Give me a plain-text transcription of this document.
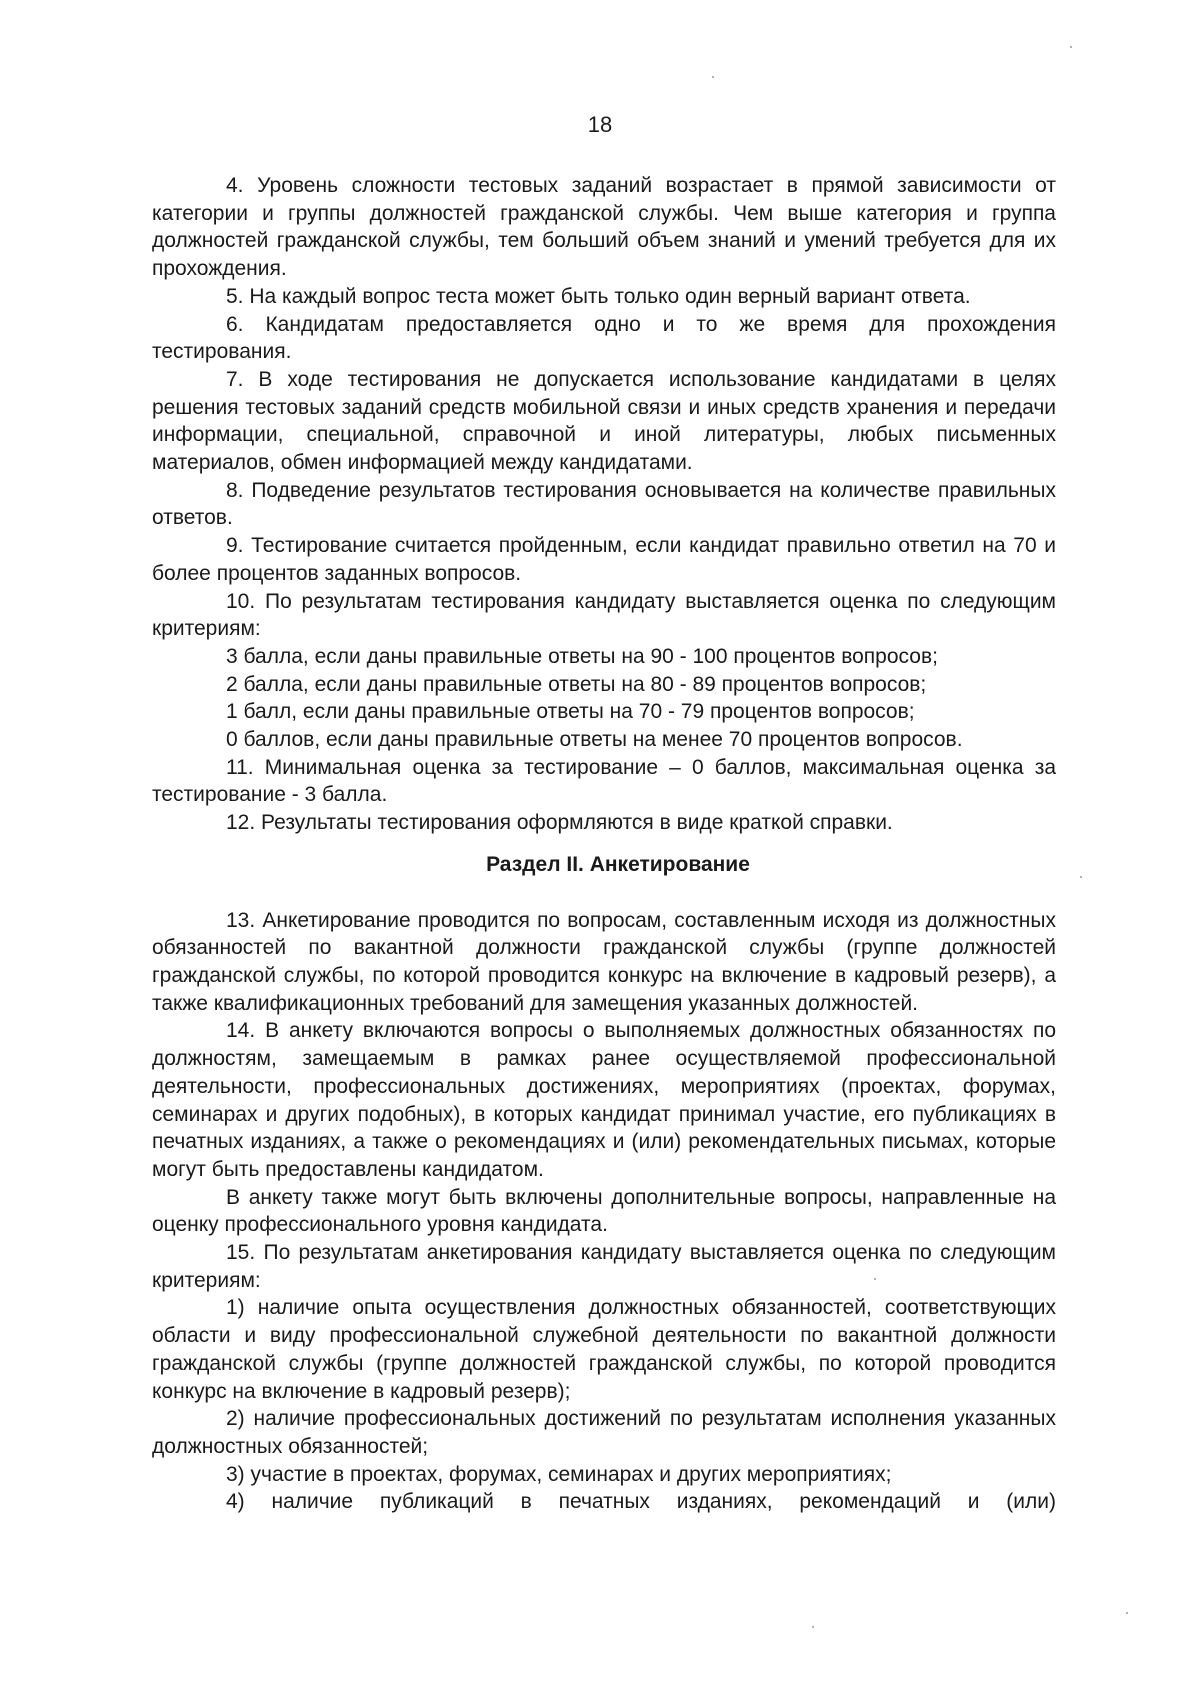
18

4. Уровень сложности тестовых заданий возрастает в прямой зависимости от категории и группы должностей гражданской службы. Чем выше категория и группа должностей гражданской службы, тем больший объем знаний и умений требуется для их прохождения.

5. На каждый вопрос теста может быть только один верный вариант ответа.

6. Кандидатам предоставляется одно и то же время для прохождения тестирования.

7. В ходе тестирования не допускается использование кандидатами в целях решения тестовых заданий средств мобильной связи и иных средств хранения и передачи информации, специальной, справочной и иной литературы, любых письменных материалов, обмен информацией между кандидатами.

8. Подведение результатов тестирования основывается на количестве правильных ответов.

9. Тестирование считается пройденным, если кандидат правильно ответил на 70 и более процентов заданных вопросов.

10. По результатам тестирования кандидату выставляется оценка по следующим критериям:

3 балла, если даны правильные ответы на 90 - 100 процентов вопросов;

2 балла, если даны правильные ответы на 80 - 89 процентов вопросов;

1 балл, если даны правильные ответы на 70 - 79 процентов вопросов;

0 баллов, если даны правильные ответы на менее 70 процентов вопросов.

11. Минимальная оценка за тестирование – 0 баллов, максимальная оценка за тестирование - 3 балла.

12. Результаты тестирования оформляются в виде краткой справки.

Раздел II. Анкетирование

13. Анкетирование проводится по вопросам, составленным исходя из должностных обязанностей по вакантной должности гражданской службы (группе должностей гражданской службы, по которой проводится конкурс на включение в кадровый резерв), а также квалификационных требований для замещения указанных должностей.

14. В анкету включаются вопросы о выполняемых должностных обязанностях по должностям, замещаемым в рамках ранее осуществляемой профессиональной деятельности, профессиональных достижениях, мероприятиях (проектах, форумах, семинарах и других подобных), в которых кандидат принимал участие, его публикациях в печатных изданиях, а также о рекомендациях и (или) рекомендательных письмах, которые могут быть предоставлены кандидатом.

В анкету также могут быть включены дополнительные вопросы, направленные на оценку профессионального уровня кандидата.

15. По результатам анкетирования кандидату выставляется оценка по следующим критериям:

1) наличие опыта осуществления должностных обязанностей, соответствующих области и виду профессиональной служебной деятельности по вакантной должности гражданской службы (группе должностей гражданской службы, по которой проводится конкурс на включение в кадровый резерв);

2) наличие профессиональных достижений по результатам исполнения указанных должностных обязанностей;

3) участие в проектах, форумах, семинарах и других мероприятиях;

4) наличие публикаций в печатных изданиях, рекомендаций и (или)
